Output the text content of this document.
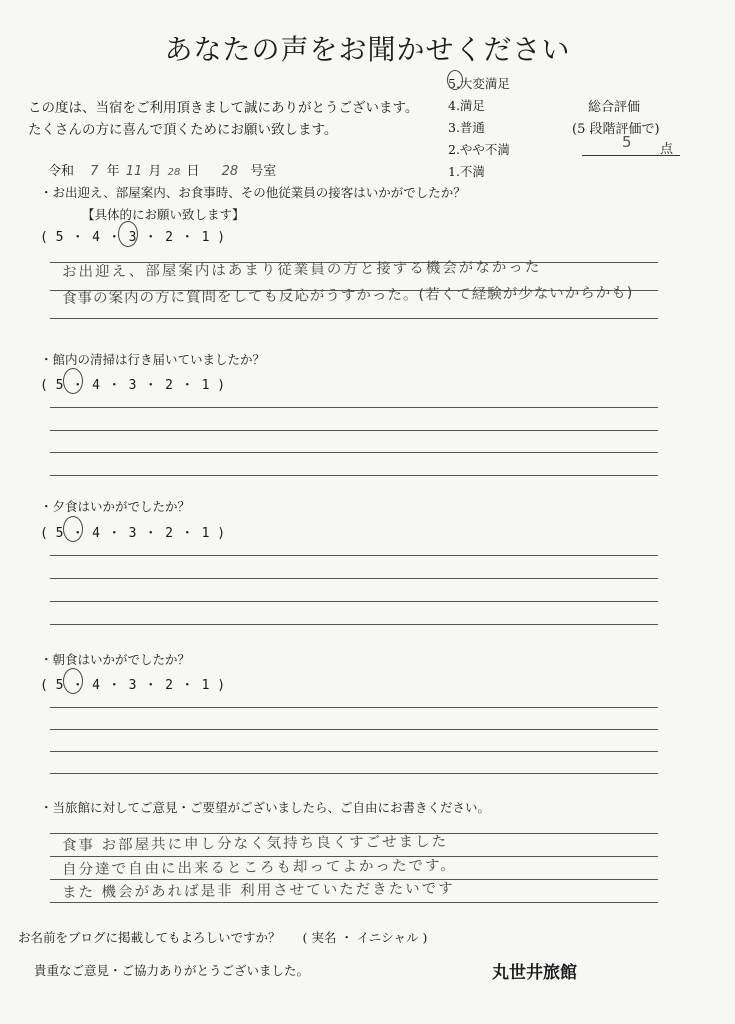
あなたの声をお聞かせください
この度は、当宿をご利用頂きまして誠にありがとうございます。
たくさんの方に喜んで頂くためにお願い致します。
5.大変満足
4.満足
3.普通
2.やや不満
1.不満
総合評価
(5 段階評価で)
5 点
令和 7 年 11 月 28 日 28 号室
・お出迎え、部屋案内、お食事時、その他従業員の接客はいかがでしたか？
【具体的にお願い致します】
( 5 ・ 4 ・ 3 ・ 2 ・ 1 )
お出迎え、部屋案内はあまり従業員の方と接する機会がなかった
食事の案内の方に質問をしても反応がうすかった。(若くて経験が少ないからかも)
・館内の清掃は行き届いていましたか？
( 5 ・ 4 ・ 3 ・ 2 ・ 1 )
・夕食はいかがでしたか？
( 5 ・ 4 ・ 3 ・ 2 ・ 1 )
・朝食はいかがでしたか？
( 5 ・ 4 ・ 3 ・ 2 ・ 1 )
・当旅館に対してご意見・ご要望がございましたら、ご自由にお書きください。
食事 お部屋共に申し分なく気持ち良くすごせました
自分達で自由に出来るところも却ってよかったです。
また 機会があれば是非 利用させていただきたいです
お名前をブログに掲載してもよろしいですか？ ( 実名 ・ イニシャル )
貴重なご意見・ご協力ありがとうございました。	丸世井旅館
